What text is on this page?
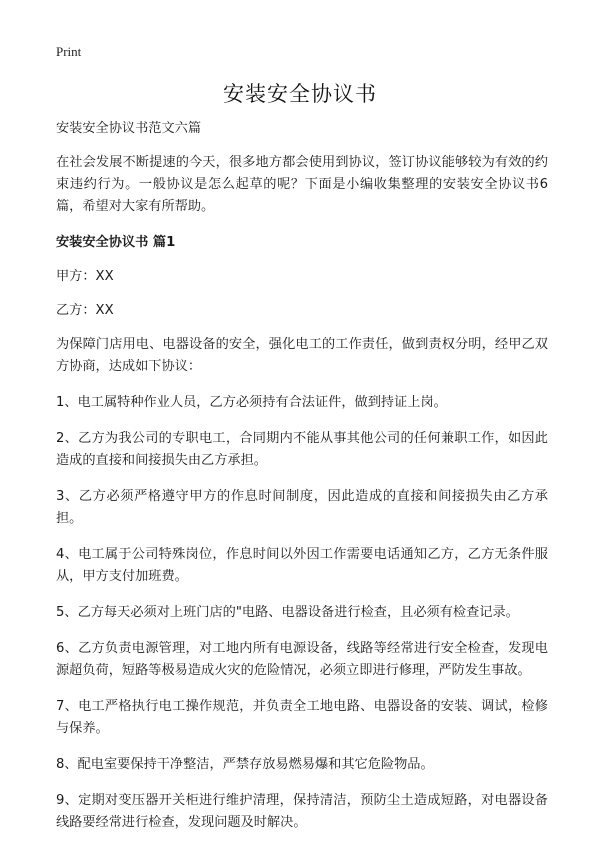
Print
安装安全协议书

安装安全协议书范文六篇

在社会发展不断提速的今天，很多地方都会使用到协议，签订协议能够较为有效的约束违约行为。一般协议是怎么起草的呢？下面是小编收集整理的安装安全协议书6篇，希望对大家有所帮助。

安装安全协议书 篇1

甲方：XX

乙方：XX

为保障门店用电、电器设备的安全，强化电工的工作责任，做到责权分明，经甲乙双方协商，达成如下协议：

1、电工属特种作业人员，乙方必须持有合法证件，做到持证上岗。

2、乙方为我公司的专职电工，合同期内不能从事其他公司的任何兼职工作，如因此造成的直接和间接损失由乙方承担。

3、乙方必须严格遵守甲方的作息时间制度，因此造成的直接和间接损失由乙方承担。

4、电工属于公司特殊岗位，作息时间以外因工作需要电话通知乙方，乙方无条件服从，甲方支付加班费。

5、乙方每天必须对上班门店的"电路、电器设备进行检查，且必须有检查记录。

6、乙方负责电源管理，对工地内所有电源设备，线路等经常进行安全检查，发现电源超负荷，短路等极易造成火灾的危险情况，必须立即进行修理，严防发生事故。

7、电工严格执行电工操作规范，并负责全工地电路、电器设备的安装、调试，检修与保养。

8、配电室要保持干净整洁，严禁存放易燃易爆和其它危险物品。

9、定期对变压器开关柜进行维护清理，保持清洁，预防尘土造成短路，对电器设备线路要经常进行检查，发现问题及时解决。
